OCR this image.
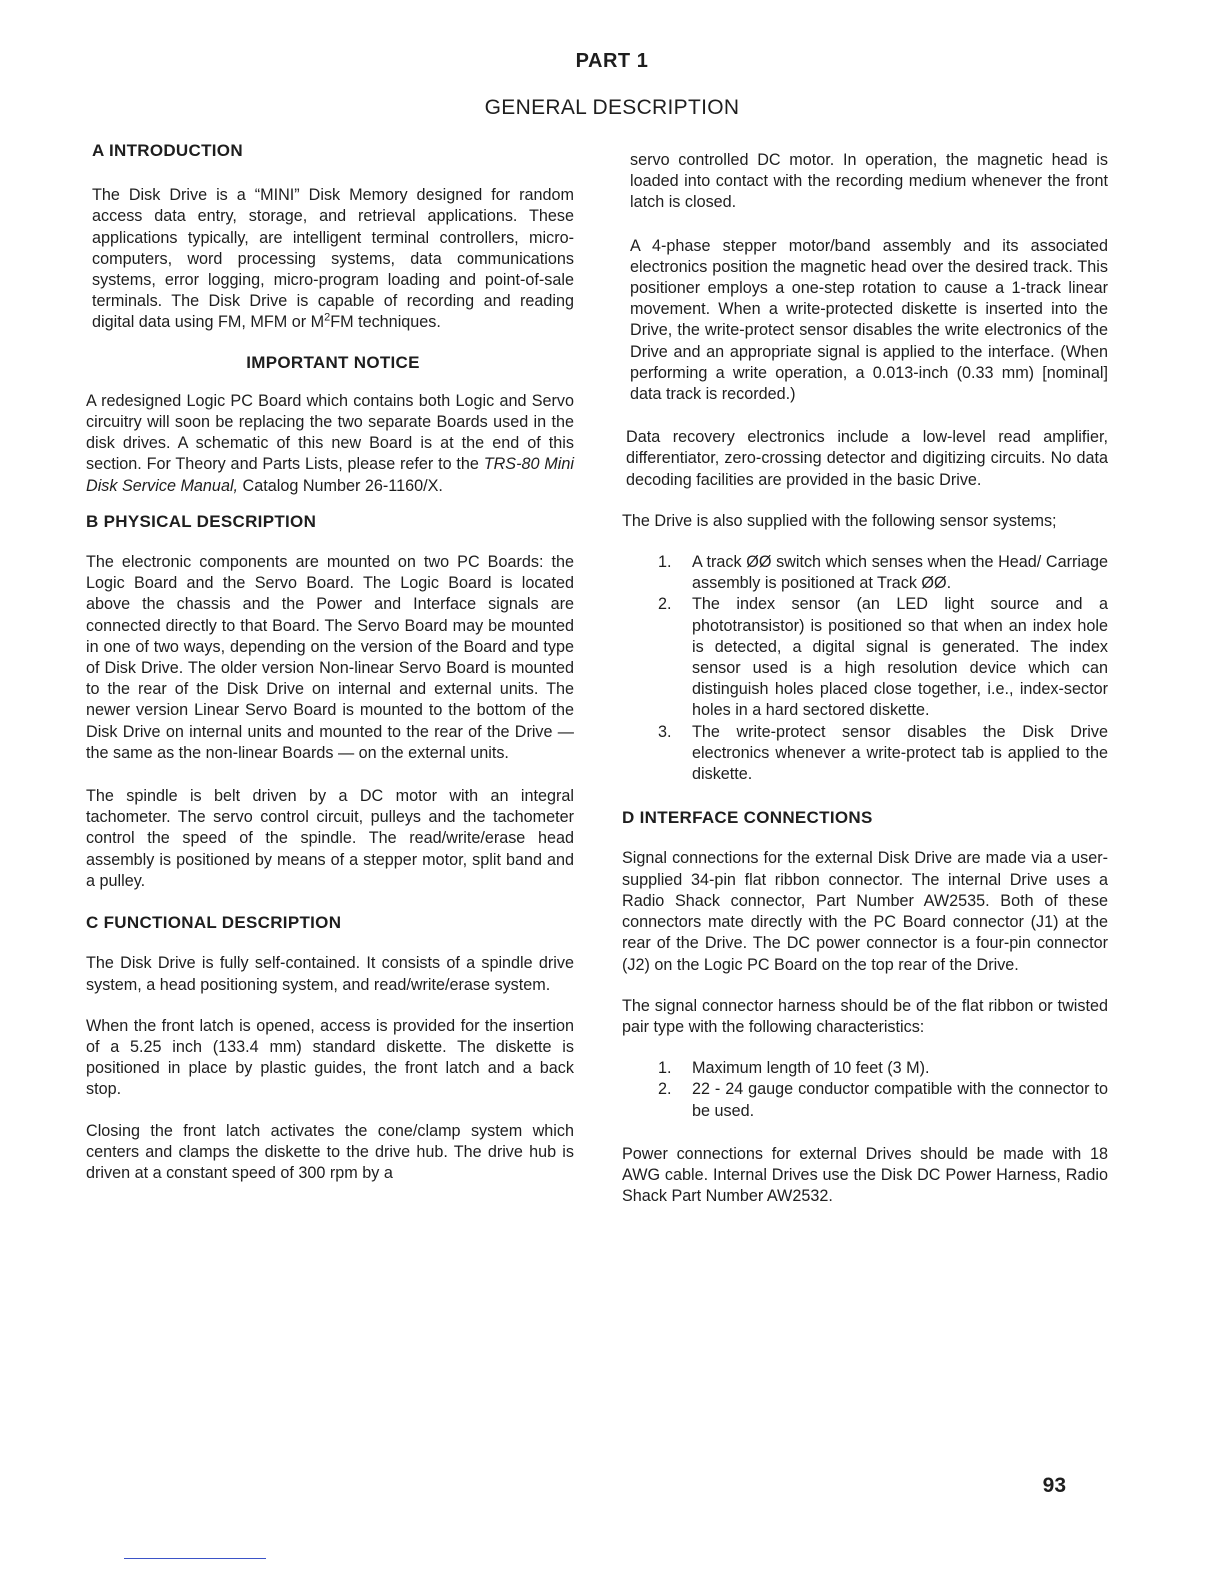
PART 1
GENERAL DESCRIPTION
A INTRODUCTION

The Disk Drive is a “MINI” Disk Memory designed for random access data entry, storage, and retrieval applications. These applications typically, are intelligent terminal controllers, micro-computers, word processing systems, data communications systems, error logging, micro-program loading and point-of-sale terminals. The Disk Drive is capable of recording and reading digital data using FM, MFM or $M^2FM$ techniques.

IMPORTANT NOTICE

A redesigned Logic PC Board which contains both Logic and Servo circuitry will soon be replacing the two separate Boards used in the disk drives. A schematic of this new Board is at the end of this section. For Theory and Parts Lists, please refer to the TRS-80 Mini Disk Service Manual, Catalog Number 26-1160/X.

B PHYSICAL DESCRIPTION

The electronic components are mounted on two PC Boards: the Logic Board and the Servo Board. The Logic Board is located above the chassis and the Power and Interface signals are connected directly to that Board. The Servo Board may be mounted in one of two ways, depending on the version of the Board and type of Disk Drive. The older version Non-linear Servo Board is mounted to the rear of the Disk Drive on internal and external units. The newer version Linear Servo Board is mounted to the bottom of the Disk Drive on internal units and mounted to the rear of the Drive — the same as the non-linear Boards — on the external units.

The spindle is belt driven by a DC motor with an integral tachometer. The servo control circuit, pulleys and the tachometer control the speed of the spindle. The read/write/erase head assembly is positioned by means of a stepper motor, split band and a pulley.

C FUNCTIONAL DESCRIPTION

The Disk Drive is fully self-contained. It consists of a spindle drive system, a head positioning system, and read/write/erase system.

When the front latch is opened, access is provided for the insertion of a 5.25 inch (133.4 mm) standard diskette. The diskette is positioned in place by plastic guides, the front latch and a back stop.

Closing the front latch activates the cone/clamp system which centers and clamps the diskette to the drive hub. The drive hub is driven at a constant speed of 300 rpm by a

servo controlled DC motor. In operation, the magnetic head is loaded into contact with the recording medium whenever the front latch is closed.

A 4-phase stepper motor/band assembly and its associated electronics position the magnetic head over the desired track. This positioner employs a one-step rotation to cause a 1-track linear movement. When a write-protected diskette is inserted into the Drive, the write-protect sensor disables the write electronics of the Drive and an appropriate signal is applied to the interface. (When performing a write operation, a 0.013-inch (0.33 mm) [nominal] data track is recorded.)

Data recovery electronics include a low-level read amplifier, differentiator, zero-crossing detector and digitizing circuits. No data decoding facilities are provided in the basic Drive.

The Drive is also supplied with the following sensor systems;

1. A track ØØ switch which senses when the Head/ Carriage assembly is positioned at Track ØØ.
2. The index sensor (an LED light source and a phototransistor) is positioned so that when an index hole is detected, a digital signal is generated. The index sensor used is a high resolution device which can distinguish holes placed close together, i.e., index-sector holes in a hard sectored diskette.
3. The write-protect sensor disables the Disk Drive electronics whenever a write-protect tab is applied to the diskette.
D INTERFACE CONNECTIONS

Signal connections for the external Disk Drive are made via a user-supplied 34-pin flat ribbon connector. The internal Drive uses a Radio Shack connector, Part Number AW2535. Both of these connectors mate directly with the PC Board connector (J1) at the rear of the Drive. The DC power connector is a four-pin connector (J2) on the Logic PC Board on the top rear of the Drive.

The signal connector harness should be of the flat ribbon or twisted pair type with the following characteristics:

1. Maximum length of 10 feet (3 M).
2. 22 - 24 gauge conductor compatible with the connector to be used.

Power connections for external Drives should be made with 18 AWG cable. Internal Drives use the Disk DC Power Harness, Radio Shack Part Number AW2532.

93
